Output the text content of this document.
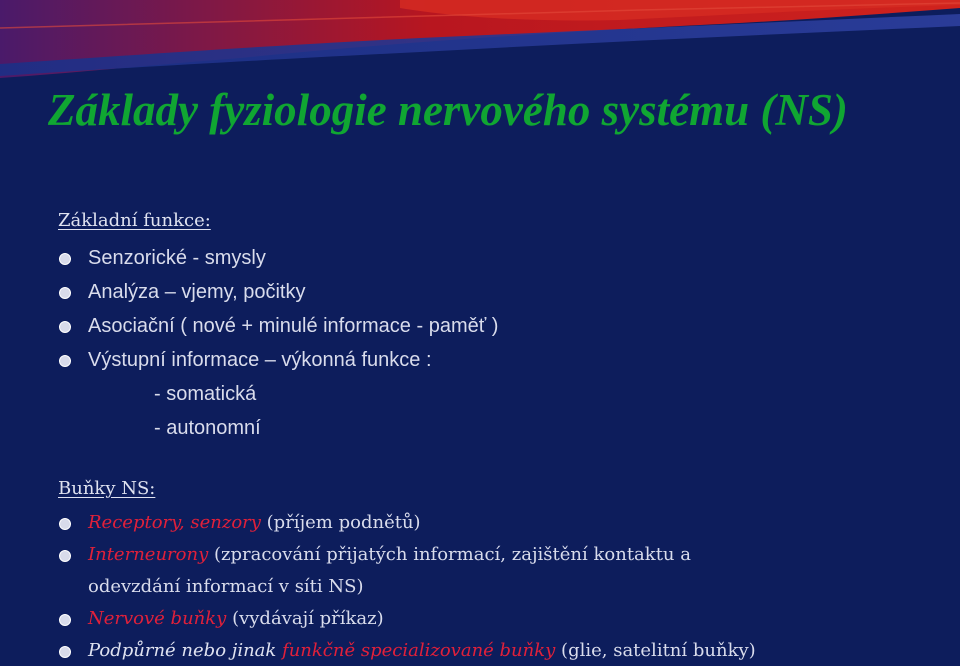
Základy fyziologie nervového systému (NS)

Základní funkce:

Senzorické - smysly
Analýza – vjemy, počitky
Asociační ( nové + minulé informace - paměť )
Výstupní informace – výkonná funkce :
- somatická
- autonomní

Buňky NS:

Receptory, senzory (příjem podnětů)
Interneurony (zpracování přijatých informací, zajištění kontaktu a
odevzdání informací v síti NS)
Nervové buňky (vydávají příkaz)
Podpůrné nebo jinak funkčně specializované buňky (glie, satelitní buňky)
